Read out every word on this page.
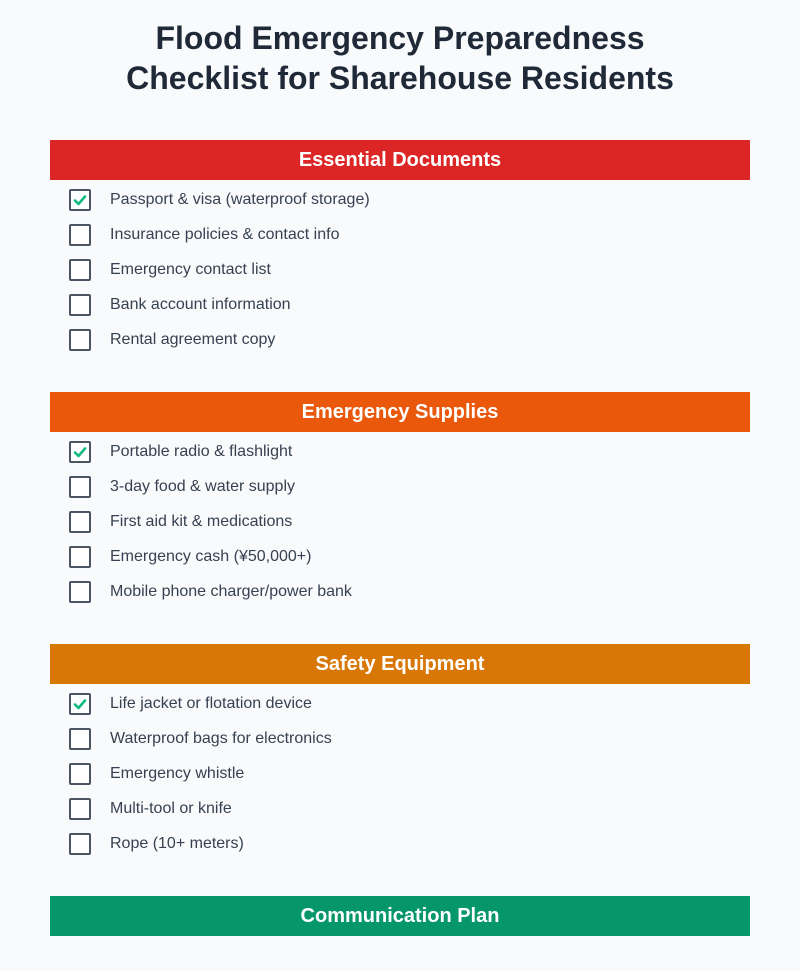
Flood Emergency Preparedness
Checklist for Sharehouse Residents
Essential Documents
Passport & visa (waterproof storage)
Insurance policies & contact info
Emergency contact list
Bank account information
Rental agreement copy
Emergency Supplies
Portable radio & flashlight
3-day food & water supply
First aid kit & medications
Emergency cash (¥50,000+)
Mobile phone charger/power bank
Safety Equipment
Life jacket or flotation device
Waterproof bags for electronics
Emergency whistle
Multi-tool or knife
Rope (10+ meters)
Communication Plan
